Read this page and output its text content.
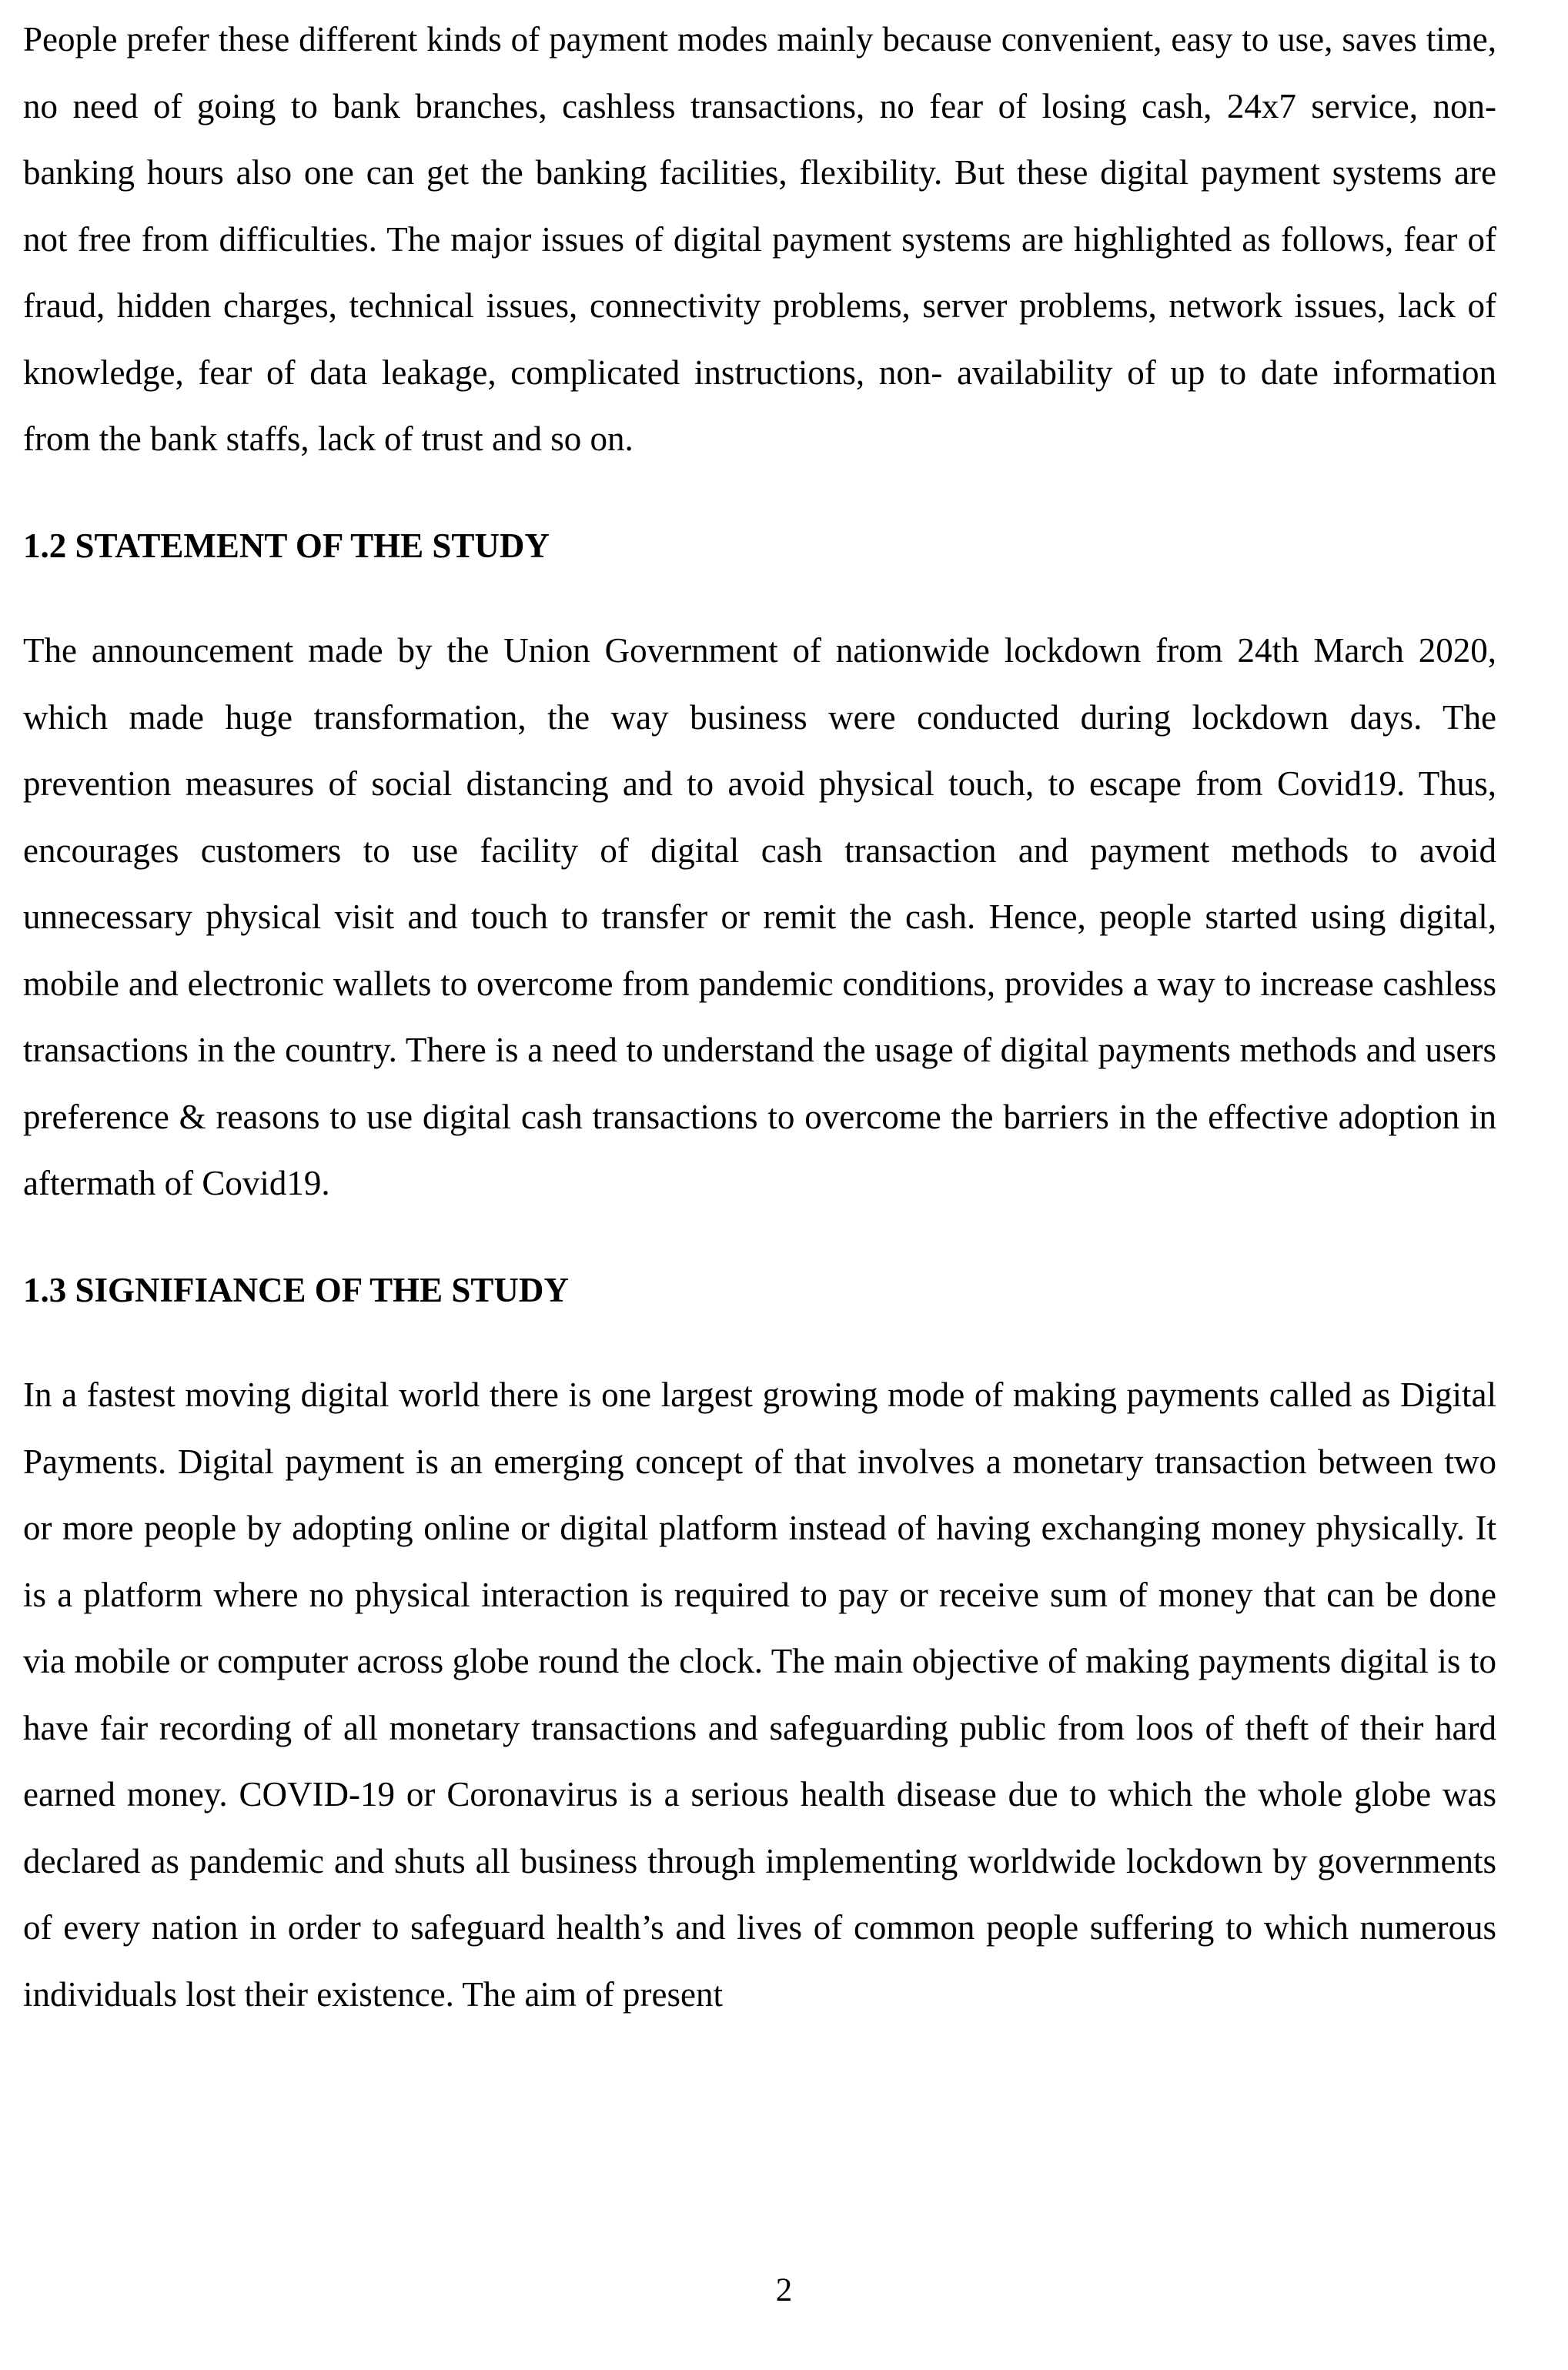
People prefer these different kinds of payment modes mainly because convenient, easy to use, saves time, no need of going to bank branches, cashless transactions, no fear of losing cash, 24x7 service, non-banking hours also one can get the banking facilities, flexibility. But these digital payment systems are not free from difficulties. The major issues of digital payment systems are highlighted as follows, fear of fraud, hidden charges, technical issues, connectivity problems, server problems, network issues, lack of knowledge, fear of data leakage, complicated instructions, non- availability of up to date information from the bank staffs, lack of trust and so on.

1.2 STATEMENT OF THE STUDY

The announcement made by the Union Government of nationwide lockdown from 24th March 2020, which made huge transformation, the way business were conducted during lockdown days. The prevention measures of social distancing and to avoid physical touch, to escape from Covid19. Thus, encourages customers to use facility of digital cash transaction and payment methods to avoid unnecessary physical visit and touch to transfer or remit the cash. Hence, people started using digital, mobile and electronic wallets to overcome from pandemic conditions, provides a way to increase cashless transactions in the country. There is a need to understand the usage of digital payments methods and users preference & reasons to use digital cash transactions to overcome the barriers in the effective adoption in aftermath of Covid19.

1.3 SIGNIFIANCE OF THE STUDY

In a fastest moving digital world there is one largest growing mode of making payments called as Digital Payments. Digital payment is an emerging concept of that involves a monetary transaction between two or more people by adopting online or digital platform instead of having exchanging money physically. It is a platform where no physical interaction is required to pay or receive sum of money that can be done via mobile or computer across globe round the clock. The main objective of making payments digital is to have fair recording of all monetary transactions and safeguarding public from loos of theft of their hard earned money. COVID-19 or Coronavirus is a serious health disease due to which the whole globe was declared as pandemic and shuts all business through implementing worldwide lockdown by governments of every nation in order to safeguard health’s and lives of common people suffering to which numerous individuals lost their existence. The aim of present

2
